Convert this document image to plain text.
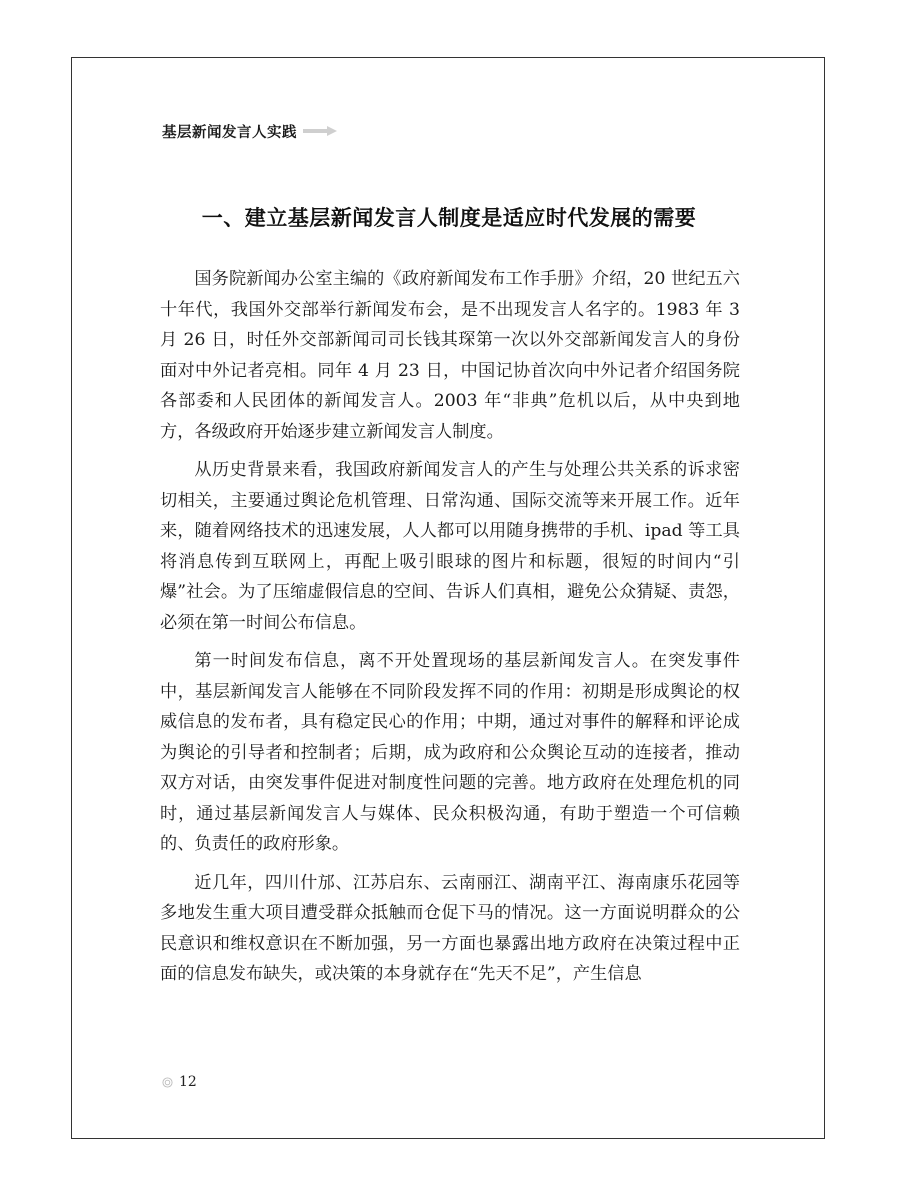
基层新闻发言人实践
一、建立基层新闻发言人制度是适应时代发展的需要

国务院新闻办公室主编的《政府新闻发布工作手册》介绍，20 世纪五六十年代，我国外交部举行新闻发布会，是不出现发言人名字的。1983 年 3 月 26 日，时任外交部新闻司司长钱其琛第一次以外交部新闻发言人的身份面对中外记者亮相。同年 4 月 23 日，中国记协首次向中外记者介绍国务院各部委和人民团体的新闻发言人。2003 年“非典”危机以后，从中央到地方，各级政府开始逐步建立新闻发言人制度。

从历史背景来看，我国政府新闻发言人的产生与处理公共关系的诉求密切相关，主要通过舆论危机管理、日常沟通、国际交流等来开展工作。近年来，随着网络技术的迅速发展，人人都可以用随身携带的手机、ipad 等工具将消息传到互联网上，再配上吸引眼球的图片和标题，很短的时间内“引爆”社会。为了压缩虚假信息的空间、告诉人们真相，避免公众猜疑、责怨，必须在第一时间公布信息。

第一时间发布信息，离不开处置现场的基层新闻发言人。在突发事件中，基层新闻发言人能够在不同阶段发挥不同的作用：初期是形成舆论的权威信息的发布者，具有稳定民心的作用；中期，通过对事件的解释和评论成为舆论的引导者和控制者；后期，成为政府和公众舆论互动的连接者，推动双方对话，由突发事件促进对制度性问题的完善。地方政府在处理危机的同时，通过基层新闻发言人与媒体、民众积极沟通，有助于塑造一个可信赖的、负责任的政府形象。

近几年，四川什邡、江苏启东、云南丽江、湖南平江、海南康乐花园等多地发生重大项目遭受群众抵触而仓促下马的情况。这一方面说明群众的公民意识和维权意识在不断加强，另一方面也暴露出地方政府在决策过程中正面的信息发布缺失，或决策的本身就存在“先天不足”，产生信息

12
